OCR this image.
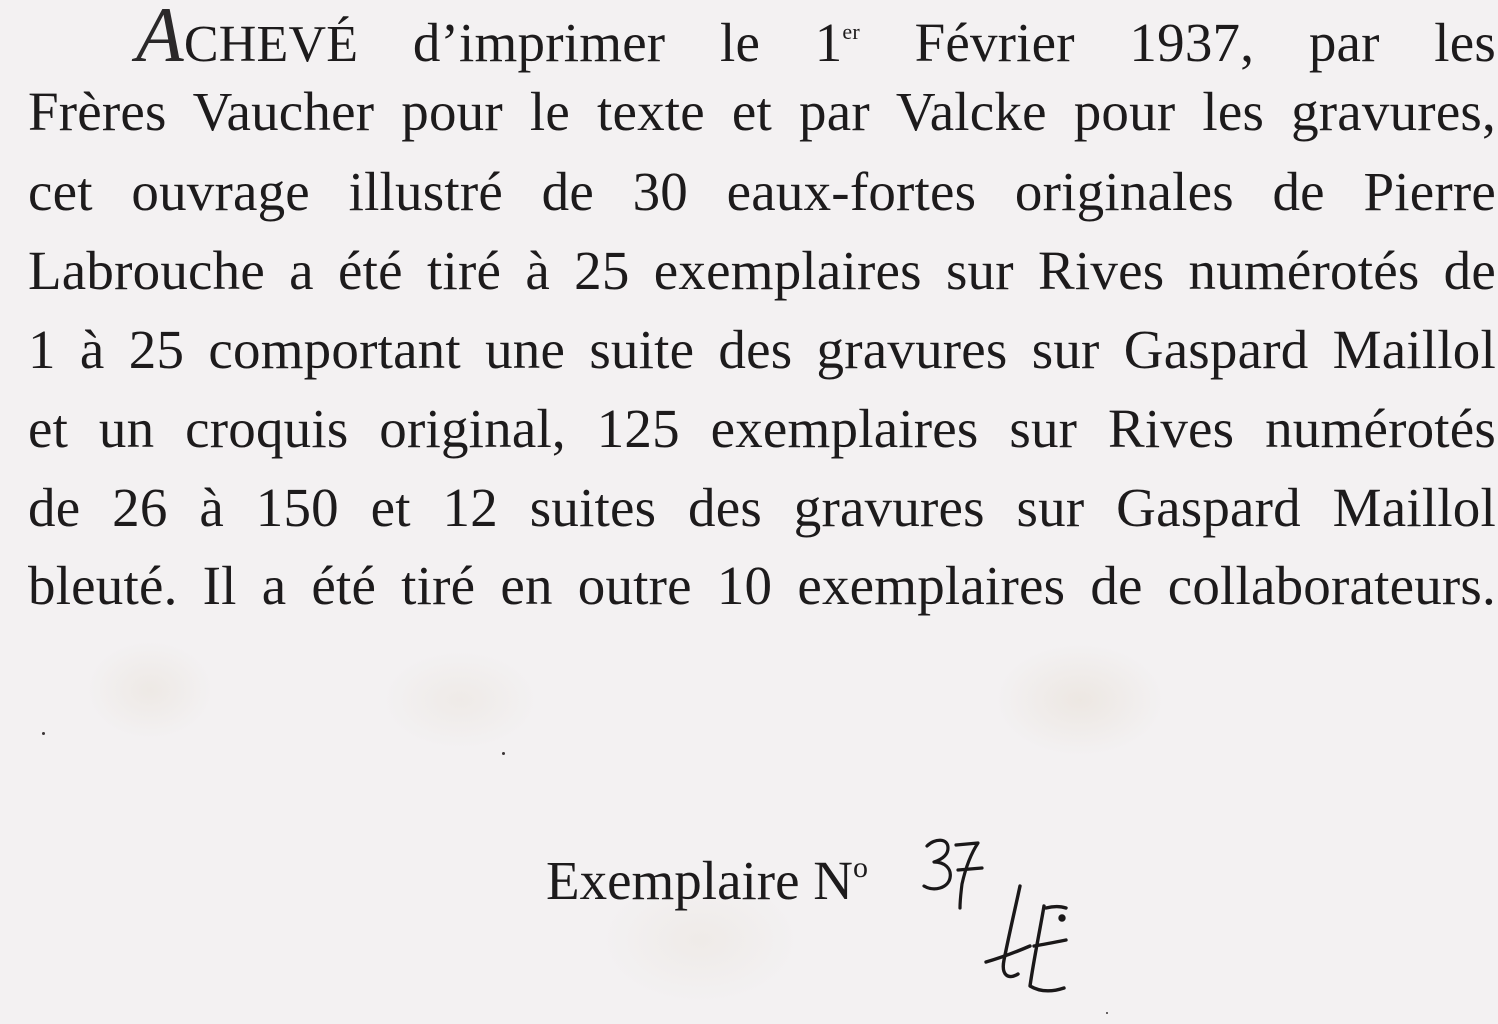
ACHEVÉ d’imprimer le 1er Février 1937, par les
Frères Vaucher pour le texte et par Valcke pour les gravures,
cet ouvrage illustré de 30 eaux-fortes originales de Pierre
Labrouche a été tiré à 25 exemplaires sur Rives numérotés de
1 à 25 comportant une suite des gravures sur Gaspard Maillol
et un croquis original, 125 exemplaires sur Rives numérotés
de 26 à 150 et 12 suites des gravures sur Gaspard Maillol
bleuté. Il a été tiré en outre 10 exemplaires de collaborateurs.
Exemplaire $N^o$
